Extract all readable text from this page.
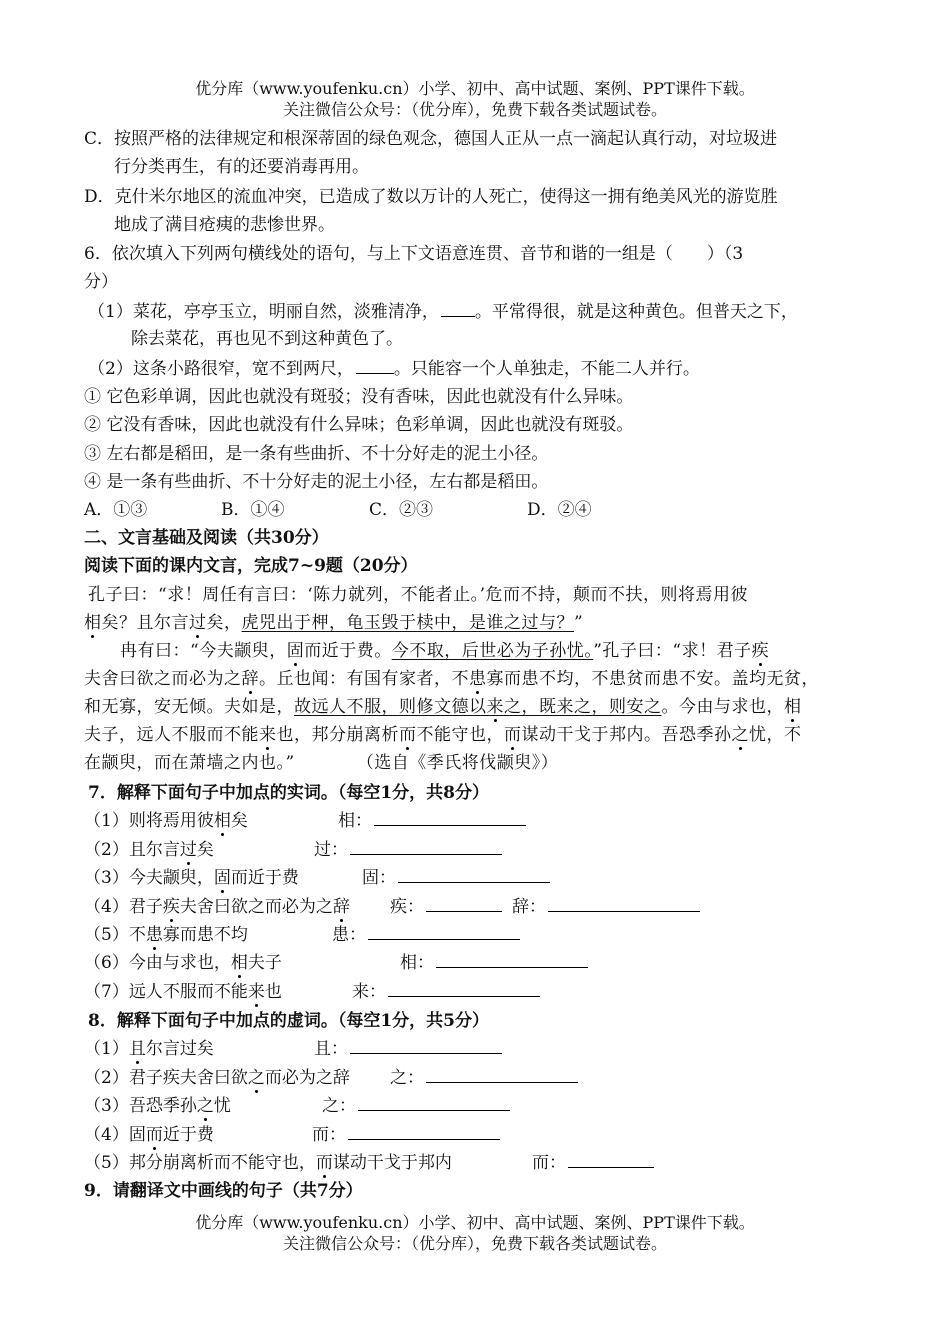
优分库（www.youfenku.cn）小学、初中、高中试题、案例、PPT课件下载。
关注微信公众号：（优分库），免费下载各类试题试卷。
C．按照严格的法律规定和根深蒂固的绿色观念，德国人正从一点一滴起认真行动，对垃圾进
行分类再生，有的还要消毒再用。
D．克什米尔地区的流血冲突，已造成了数以万计的人死亡，使得这一拥有绝美风光的游览胜
地成了满目疮痍的悲惨世界。
6．依次填入下列两句横线处的语句，与上下文语意连贯、音节和谐的一组是（　　）（3
分）
（1）菜花，亭亭玉立，明丽自然，淡雅清净， 。平常得很，就是这种黄色。但普天之下，
除去菜花，再也见不到这种黄色了。
（2）这条小路很窄，宽不到两尺， 。只能容一个人单独走，不能二人并行。
① 它色彩单调，因此也就没有斑驳；没有香味，因此也就没有什么异味。
② 它没有香味，因此也就没有什么异味；色彩单调，因此也就没有斑驳。
③ 左右都是稻田，是一条有些曲折、不十分好走的泥土小径。
④ 是一条有些曲折、不十分好走的泥土小径，左右都是稻田。
A．①③	B．①④	C．②③	D．②④
二、文言基础及阅读（共30分）
阅读下面的课内文言，完成7~9题（20分）
孔子曰：“求！周任有言曰：‘陈力就列，不能者止。’危而不持，颠而不扶，则将焉用彼
相矣？且尔言过矣，虎兕出于柙，龟玉毁于椟中，是谁之过与？”
冉有曰：“今夫颛臾，固而近于费。今不取，后世必为子孙忧。”孔子曰：“求！君子疾
夫舍曰欲之而必为之辞。丘也闻：有国有家者，不患寡而患不均，不患贫而患不安。盖均无贫，
和无寡，安无倾。夫如是，故远人不服，则修文德以来之，既来之，则安之。今由与求也，相
夫子，远人不服而不能来也，邦分崩离析而不能守也，而谋动干戈于邦内。吾恐季孙之忧，不
在颛臾，而在萧墙之内也。”	（选自《季氏将伐颛臾》）
7．解释下面句子中加点的实词。（每空1分，共8分）
（1）则将焉用彼相矣	相：
（2）且尔言过矣	过：
（3）今夫颛臾，固而近于费	固：
（4）君子疾夫舍曰欲之而必为之辞 疾：	辞：
（5）不患寡而患不均	患：
（6）今由与求也，相夫子	相：
（7）远人不服而不能来也	来：
8．解释下面句子中加点的虚词。（每空1分，共5分）
（1）且尔言过矣	且：
（2）君子疾夫舍曰欲之而必为之辞 之：
（3）吾恐季孙之忧	之：
（4）固而近于费	而：
（5）邦分崩离析而不能守也，而谋动干戈于邦内	而：
9．请翻译文中画线的句子（共7分）
优分库（www.youfenku.cn）小学、初中、高中试题、案例、PPT课件下载。
关注微信公众号：（优分库），免费下载各类试题试卷。
